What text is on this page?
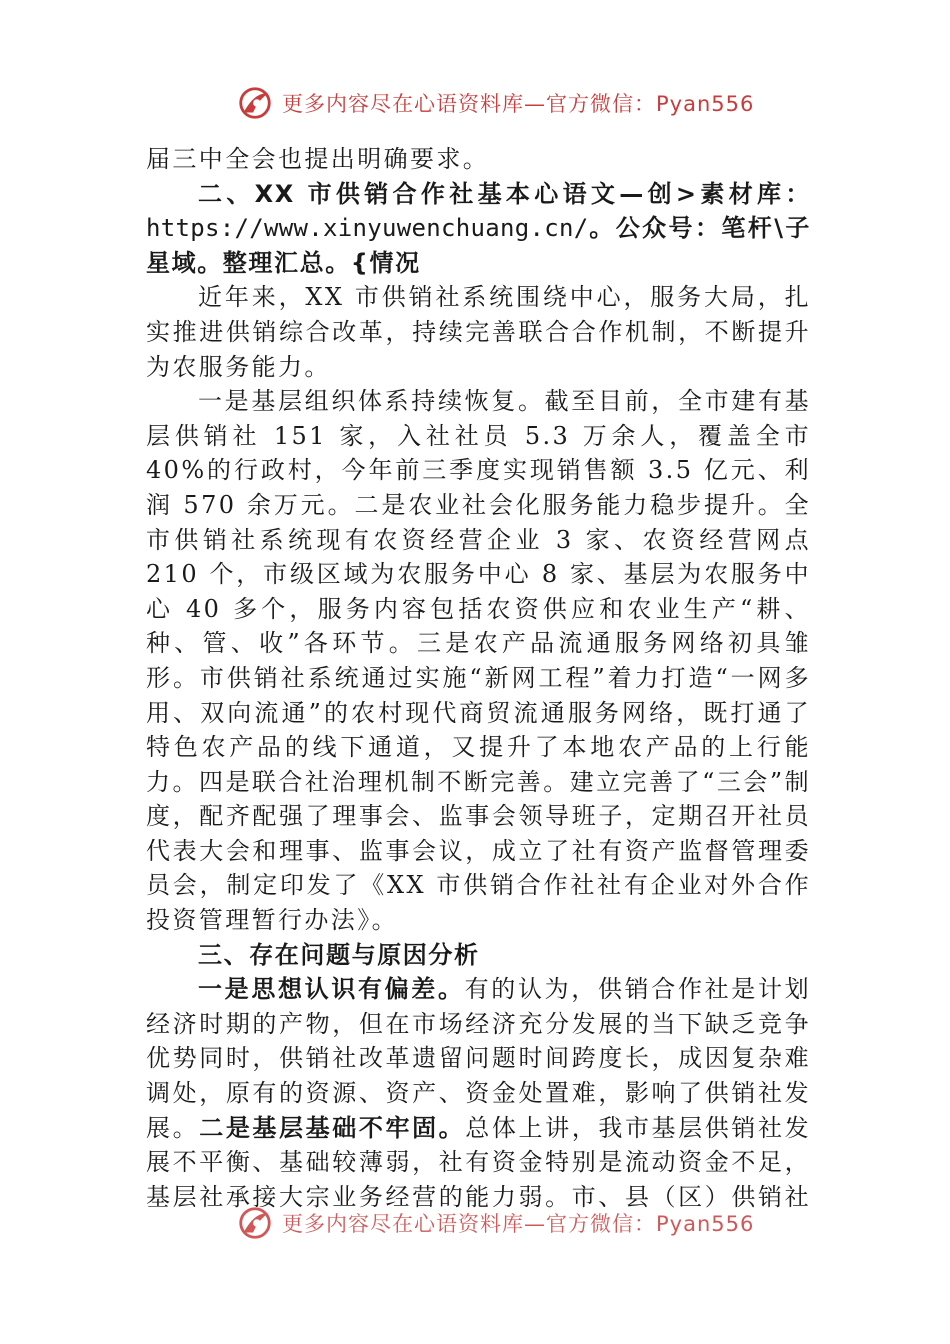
更多内容尽在心语资料库—官方微信：Pyan556

届三中全会也提出明确要求。

二、XX 市供销合作社基本心语文—创>素材库：https://www.xinyuwenchuang.cn/。公众号：笔杆\子星域。整理汇总。{情况

近年来，XX 市供销社系统围绕中心，服务大局，扎实推进供销综合改革，持续完善联合合作机制，不断提升为农服务能力。

一是基层组织体系持续恢复。截至目前，全市建有基层供销社 151 家，入社社员 5.3 万余人，覆盖全市 40%的行政村，今年前三季度实现销售额 3.5 亿元、利润 570 余万元。二是农业社会化服务能力稳步提升。全市供销社系统现有农资经营企业 3 家、农资经营网点 210 个，市级区域为农服务中心 8 家、基层为农服务中心 40 多个，服务内容包括农资供应和农业生产“耕、种、管、收”各环节。三是农产品流通服务网络初具雏形。市供销社系统通过实施“新网工程”着力打造“一网多用、双向流通”的农村现代商贸流通服务网络，既打通了特色农产品的线下通道，又提升了本地农产品的上行能力。四是联合社治理机制不断完善。建立完善了“三会”制度，配齐配强了理事会、监事会领导班子，定期召开社员代表大会和理事、监事会议，成立了社有资产监督管理委员会，制定印发了《XX 市供销合作社社有企业对外合作投资管理暂行办法》。

三、存在问题与原因分析

一是思想认识有偏差。有的认为，供销合作社是计划经济时期的产物，但在市场经济充分发展的当下缺乏竞争优势同时，供销社改革遗留问题时间跨度长，成因复杂难调处，原有的资源、资产、资金处置难，影响了供销社发展。二是基层基础不牢固。总体上讲，我市基层供销社发展不平衡、基础较薄弱，社有资金特别是流动资金不足，基层社承接大宗业务经营的能力弱。市、县（区）供销社

更多内容尽在心语资料库—官方微信：Pyan556
